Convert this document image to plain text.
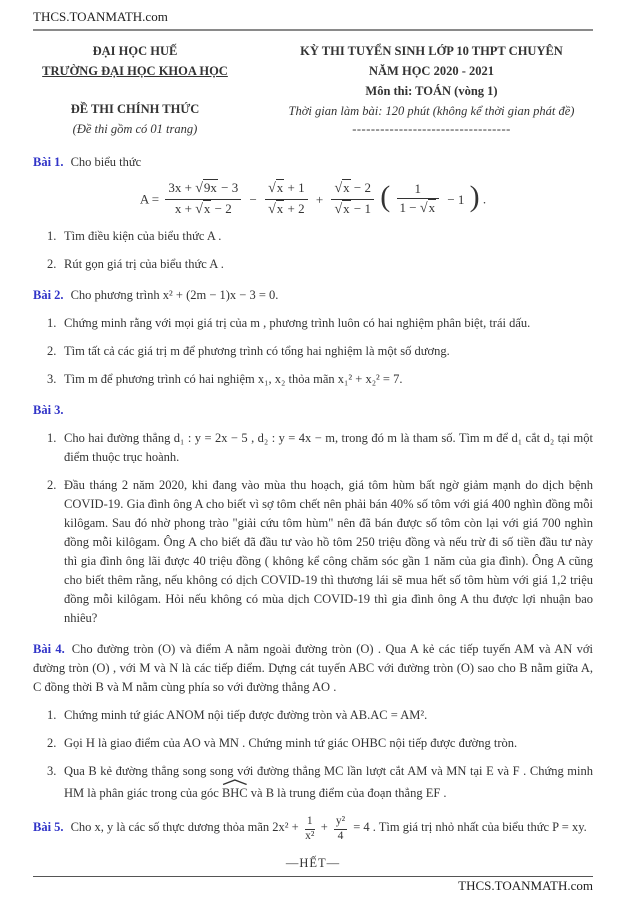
THCS.TOANMATH.com
ĐẠI HỌC HUẾ
TRƯỜNG ĐẠI HỌC KHOA HỌC
ĐỀ THI CHÍNH THỨC
(Đề thi gồm có 01 trang)
KỲ THI TUYỂN SINH LỚP 10 THPT CHUYÊN
NĂM HỌC 2020 - 2021
Môn thi: TOÁN (vòng 1)
Thời gian làm bài: 120 phút (không kể thời gian phát đề)
----------------------------------
Bài 1. Cho biểu thức
$A = \frac{3x + √9x - 3}{x + √x - 2} - \frac{√x + 1}{√x + 2} + \frac{√x - 2}{√x - 1}$ ( $\frac{1}{1 - √x} - 1$ ) .
1. Tìm điều kiện của biểu thức A .
2. Rút gọn giá trị của biểu thức A .
Bài 2. Cho phương trình x² + (2m − 1)x − 3 = 0.
1. Chứng minh rằng với mọi giá trị của m , phương trình luôn có hai nghiệm phân biệt, trái dấu.
2. Tìm tất cả các giá trị m để phương trình có tổng hai nghiệm là một số dương.
3. Tìm m để phương trình có hai nghiệm x₁, x₂ thỏa mãn x₁² + x₂² = 7.
Bài 3.
1. Cho hai đường thẳng d₁ : y = 2x − 5 , d₂ : y = 4x − m, trong đó m là tham số. Tìm m để d₁ cắt d₂ tại một điểm thuộc trục hoành.
2. Đầu tháng 2 năm 2020, khi đang vào mùa thu hoạch, giá tôm hùm bất ngờ giảm mạnh do dịch bệnh COVID-19. Gia đình ông A cho biết vì sợ tôm chết nên phải bán 40% số tôm với giá 400 nghìn đồng mỗi kilôgam. Sau đó nhờ phong trào "giải cứu tôm hùm" nên đã bán được số tôm còn lại với giá 700 nghìn đồng mỗi kilôgam. Ông A cho biết đã đầu tư vào hồ tôm 250 triệu đồng và nếu trừ đi số tiền đầu tư này thì gia đình ông lãi được 40 triệu đồng ( không kể công chăm sóc gần 1 năm của gia đình). Ông A cũng cho biết thêm rằng, nếu không có dịch COVID-19 thì thương lái sẽ mua hết số tôm hùm với giá 1,2 triệu đồng mỗi kilôgam. Hỏi nếu không có mùa dịch COVID-19 thì gia đình ông A thu được lợi nhuận bao nhiêu?
Bài 4. Cho đường tròn (O) và điểm A nằm ngoài đường tròn (O) . Qua A kẻ các tiếp tuyến AM và AN với đường tròn (O) , với M và N là các tiếp điểm. Dựng cát tuyến ABC với đường tròn (O) sao cho B nằm giữa A, C đồng thời B và M nằm cùng phía so với đường thẳng AO .
1. Chứng minh tứ giác ANOM nội tiếp được đường tròn và AB.AC = AM².
2. Gọi H là giao điểm của AO và MN . Chứng minh tứ giác OHBC nội tiếp được đường tròn.
3. Qua B kẻ đường thẳng song song với đường thẳng MC lần lượt cắt AM và MN tại E và F . Chứng minh HM là phân giác trong của góc
BHC và B là trung điểm của đoạn thẳng EF .
Bài 5. Cho x, y là các số thực dương thỏa mãn $2x^2 + \frac{1}{\text{x²}} + \frac{\text{y²}}{4} = 4$ . Tìm giá trị nhỏ nhất của biểu thức P = xy.
—HẾT—
THCS.TOANMATH.com
